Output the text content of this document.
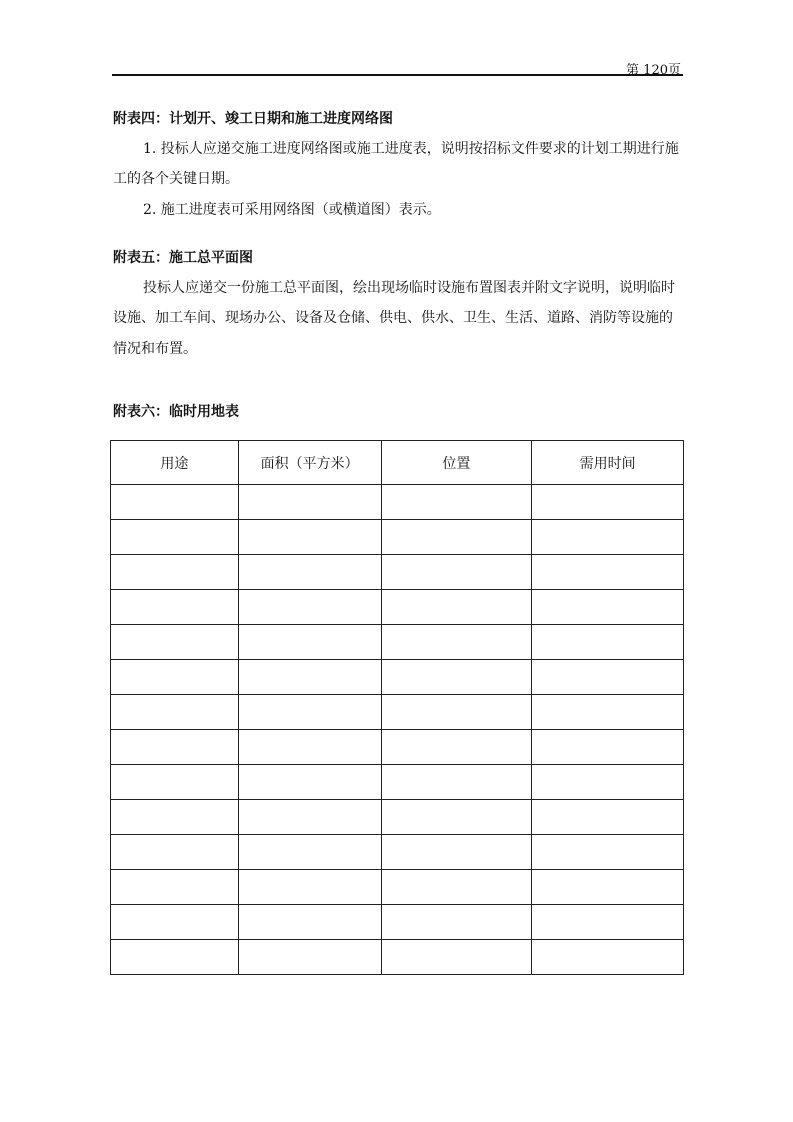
第 120页
附表四：计划开、竣工日期和施工进度网络图
1. 投标人应递交施工进度网络图或施工进度表，说明按招标文件要求的计划工期进行施
工的各个关键日期。
2. 施工进度表可采用网络图（或横道图）表示。
附表五：施工总平面图
投标人应递交一份施工总平面图，绘出现场临时设施布置图表并附文字说明，说明临时
设施、加工车间、现场办公、设备及仓储、供电、供水、卫生、生活、道路、消防等设施的
情况和布置。
附表六：临时用地表
用途	面积（平方米）	位置	需用时间
